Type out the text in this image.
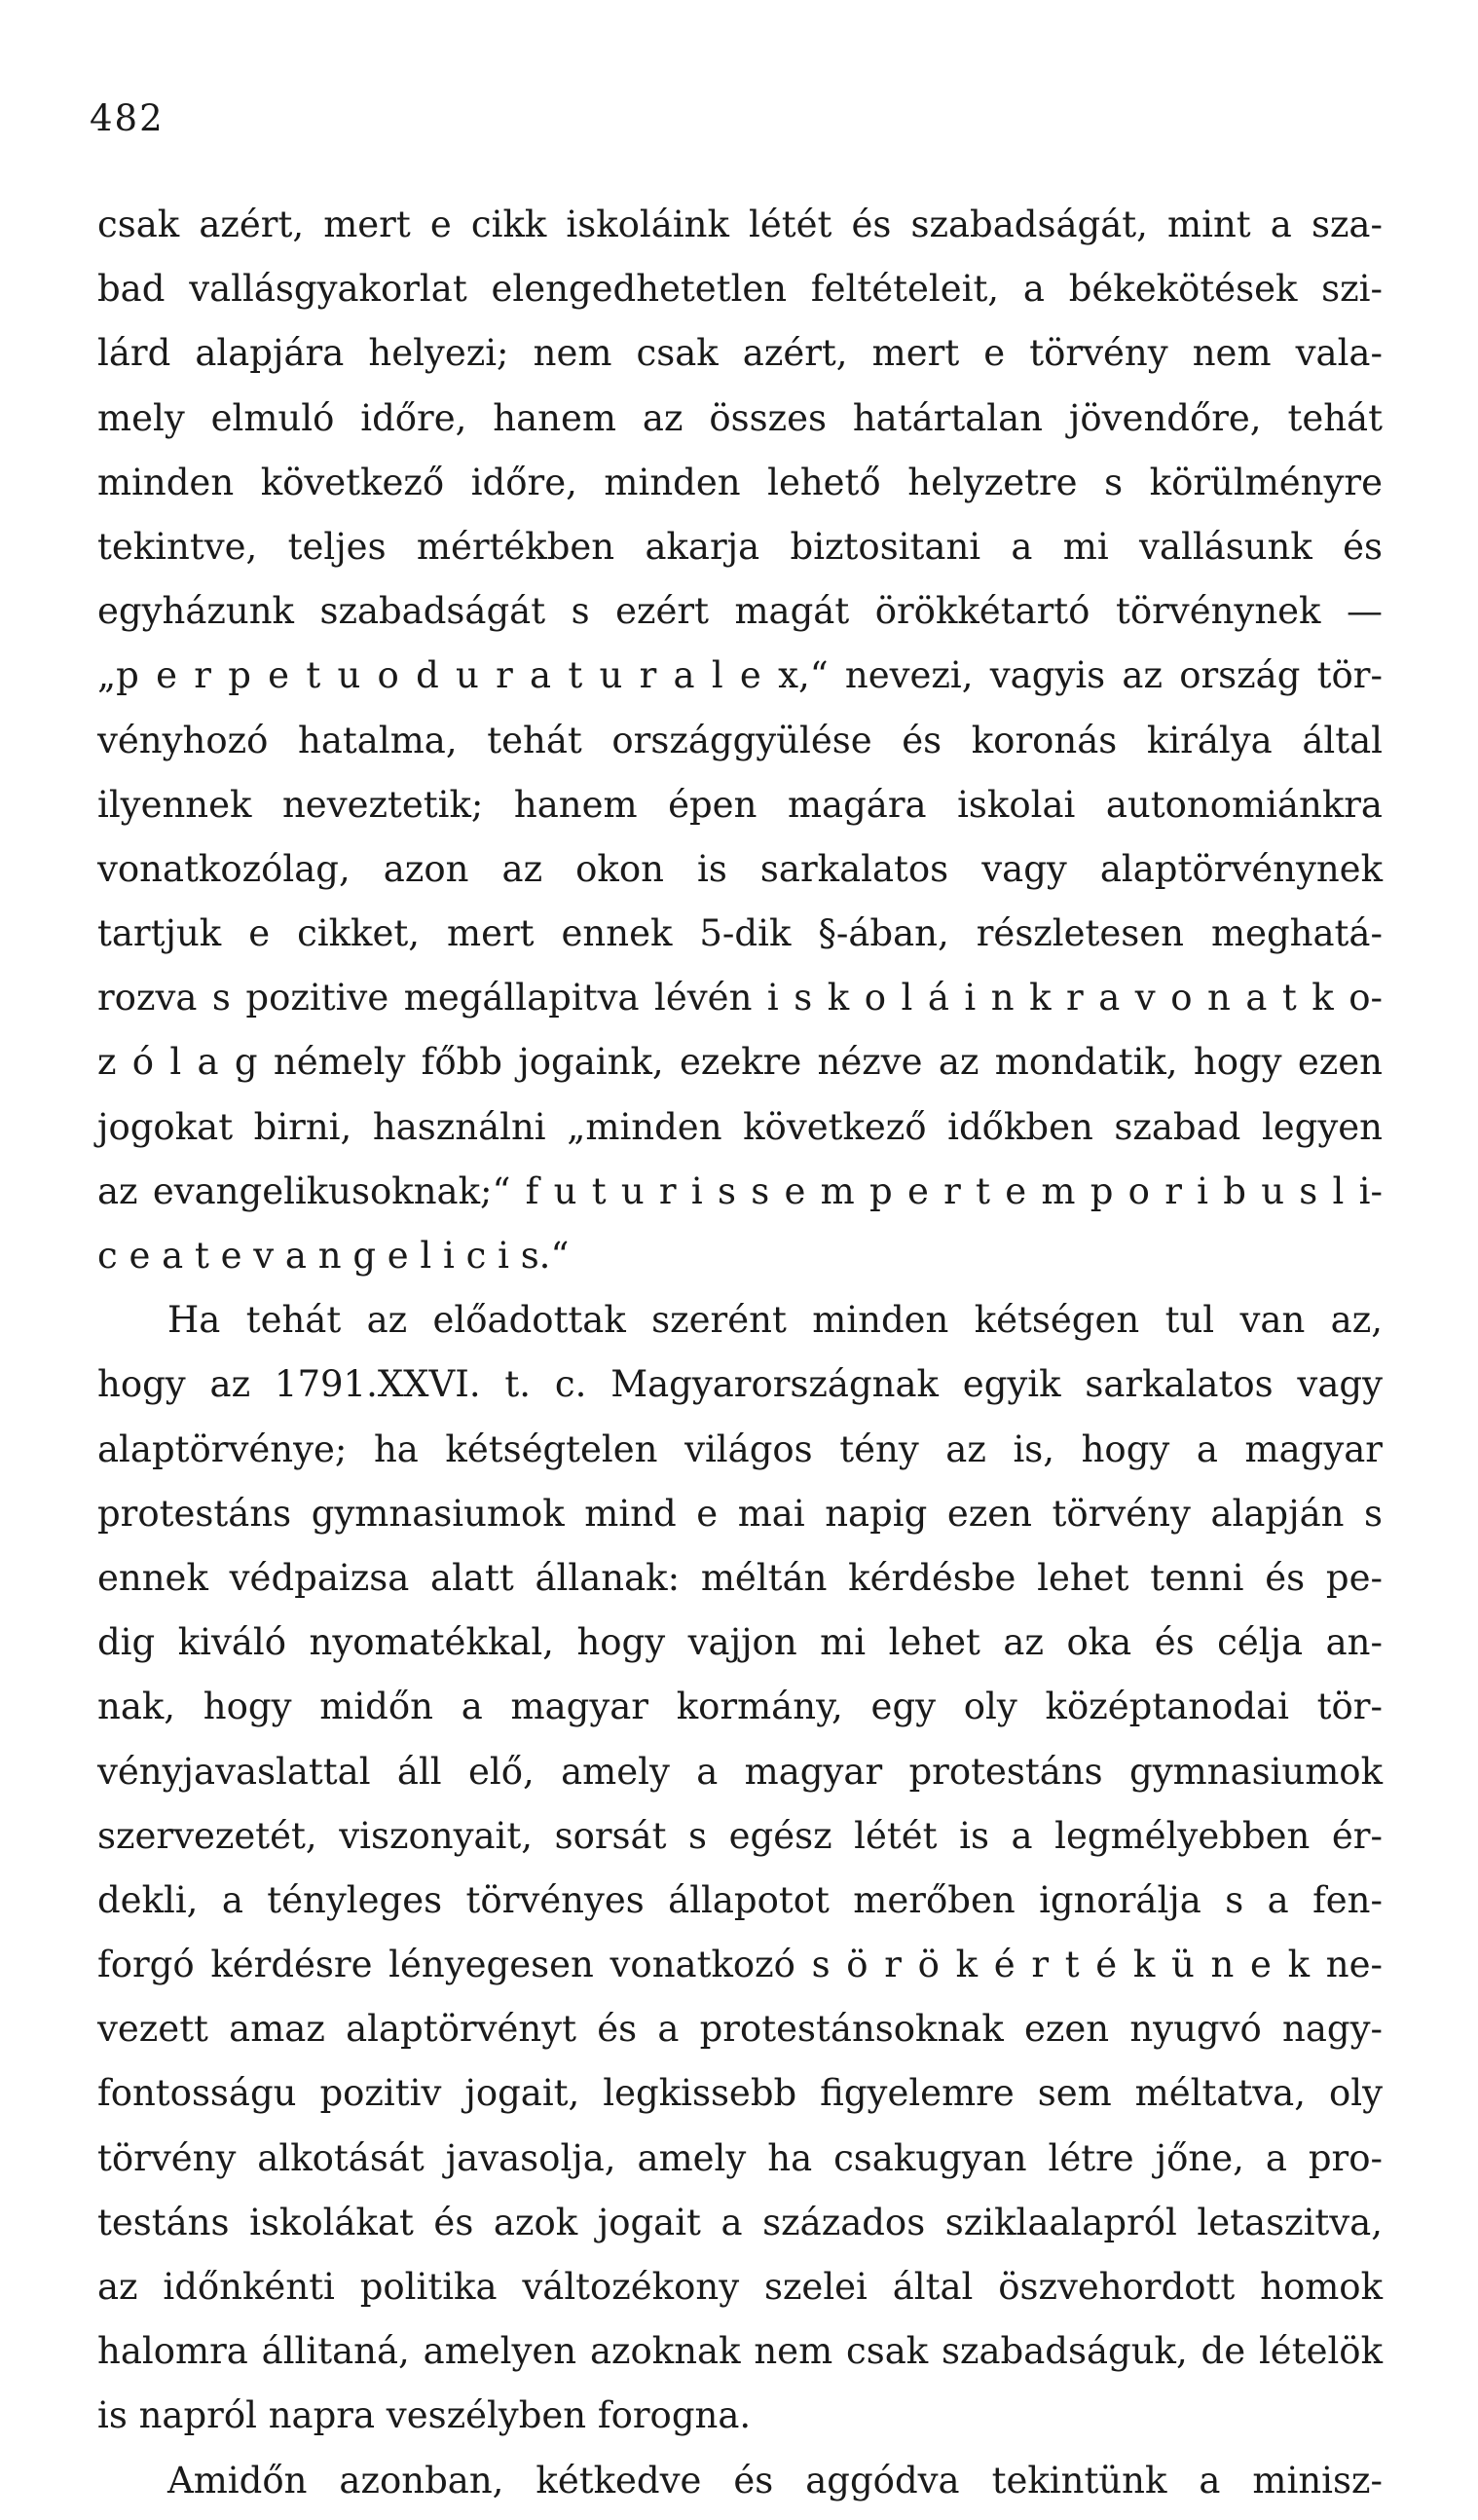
482
csak azért, mert e cikk iskoláink létét és szabadságát, mint a sza-
bad vallásgyakorlat elengedhetetlen feltételeit, a békekötések szi-
lárd alapjára helyezi; nem csak azért, mert e törvény nem vala-
mely elmuló időre, hanem az összes határtalan jövendőre, tehát
minden következő időre, minden lehető helyzetre s körülményre
tekintve, teljes mértékben akarja biztositani a mi vallásunk és
egyházunk szabadságát s ezért magát örökkétartó törvénynek —
„p e r p e t u o d u r a t u r a l e x,“ nevezi, vagyis az ország tör-
vényhozó hatalma, tehát országgyülése és koronás királya által
ilyennek neveztetik; hanem épen magára iskolai autonomiánkra
vonatkozólag, azon az okon is sarkalatos vagy alaptörvénynek
tartjuk e cikket, mert ennek 5-dik §-ában, részletesen meghatá-
rozva s pozitive megállapitva lévén i s k o l á i n k r a v o n a t k o-
z ó l a g némely főbb jogaink, ezekre nézve az mondatik, hogy ezen
jogokat birni, használni „minden következő időkben szabad legyen
az evangelikusoknak;“ f u t u r i s s e m p e r t e m p o r i b u s l i-
c e a t e v a n g e l i c i s.“
Ha tehát az előadottak szerént minden kétségen tul van az,
hogy az 1791.XXVI. t. c. Magyarországnak egyik sarkalatos vagy
alaptörvénye; ha kétségtelen világos tény az is, hogy a magyar
protestáns gymnasiumok mind e mai napig ezen törvény alapján s
ennek védpaizsa alatt állanak: méltán kérdésbe lehet tenni és pe-
dig kiváló nyomatékkal, hogy vajjon mi lehet az oka és célja an-
nak, hogy midőn a magyar kormány, egy oly középtanodai tör-
vényjavaslattal áll elő, amely a magyar protestáns gymnasiumok
szervezetét, viszonyait, sorsát s egész létét is a legmélyebben ér-
dekli, a tényleges törvényes állapotot merőben ignorálja s a fen-
forgó kérdésre lényegesen vonatkozó s ö r ö k é r t é k ü n e k ne-
vezett amaz alaptörvényt és a protestánsoknak ezen nyugvó nagy-
fontosságu pozitiv jogait, legkissebb figyelemre sem méltatva, oly
törvény alkotását javasolja, amely ha csakugyan létre jőne, a pro-
testáns iskolákat és azok jogait a százados sziklaalapról letaszitva,
az időnkénti politika változékony szelei által öszvehordott homok
halomra állitaná, amelyen azoknak nem csak szabadságuk, de lételök
is napról napra veszélyben forogna.
Amidőn azonban, kétkedve és aggódva tekintünk a minisz-
